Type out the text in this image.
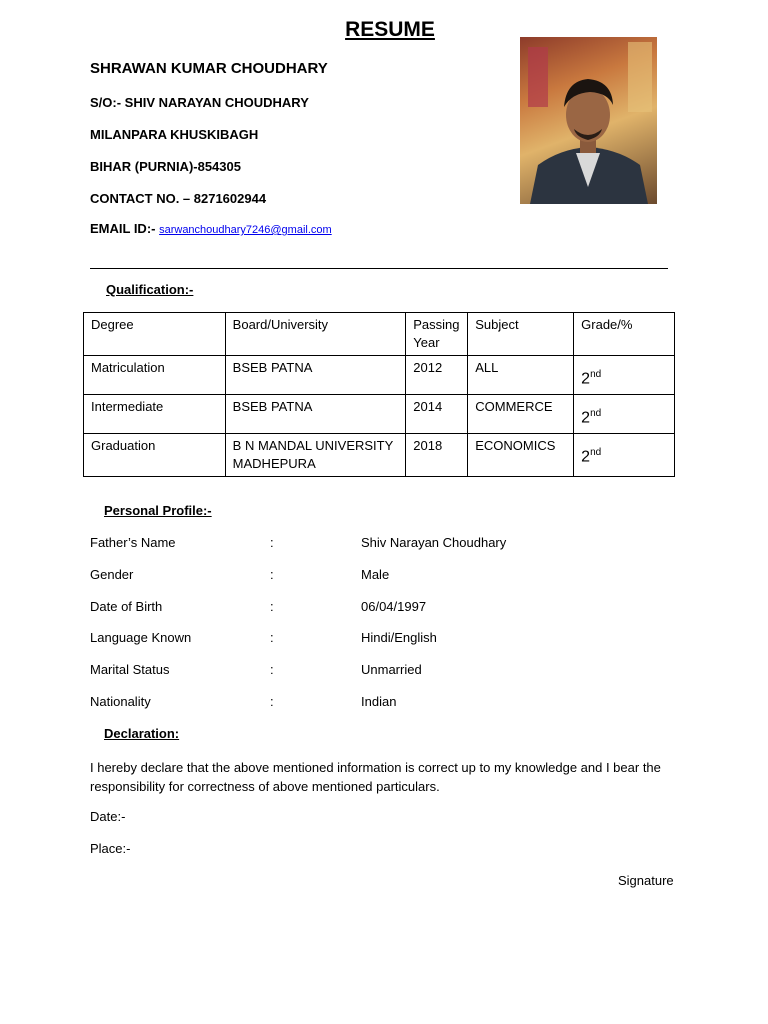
RESUME
SHRAWAN KUMAR CHOUDHARY
S/O:- SHIV NARAYAN CHOUDHARY
MILANPARA KHUSKIBAGH
BIHAR (PURNIA)-854305
CONTACT NO. – 8271602944
EMAIL ID:- sarwanchoudhary7246@gmail.com
Qualification:-
Degree	Board/University	Passing Year	Subject	Grade/%
Matriculation	BSEB PATNA	2012	ALL	2nd

Intermediate	BSEB PATNA	2014	COMMERCE	2nd

Graduation	B N MANDAL UNIVERSITY MADHEPURA	2018	ECONOMICS	2nd
Personal Profile:-
Father’s Name	:	Shiv Narayan Choudhary
Gender	:	Male
Date of Birth	:	06/04/1997
Language Known	:	Hindi/English
Marital Status	:	Unmarried
Nationality	:	Indian
Declaration:
I hereby declare that the above mentioned information is correct up to my knowledge and I bear the responsibility for correctness of above mentioned particulars.
Date:-
Place:-
Signature
